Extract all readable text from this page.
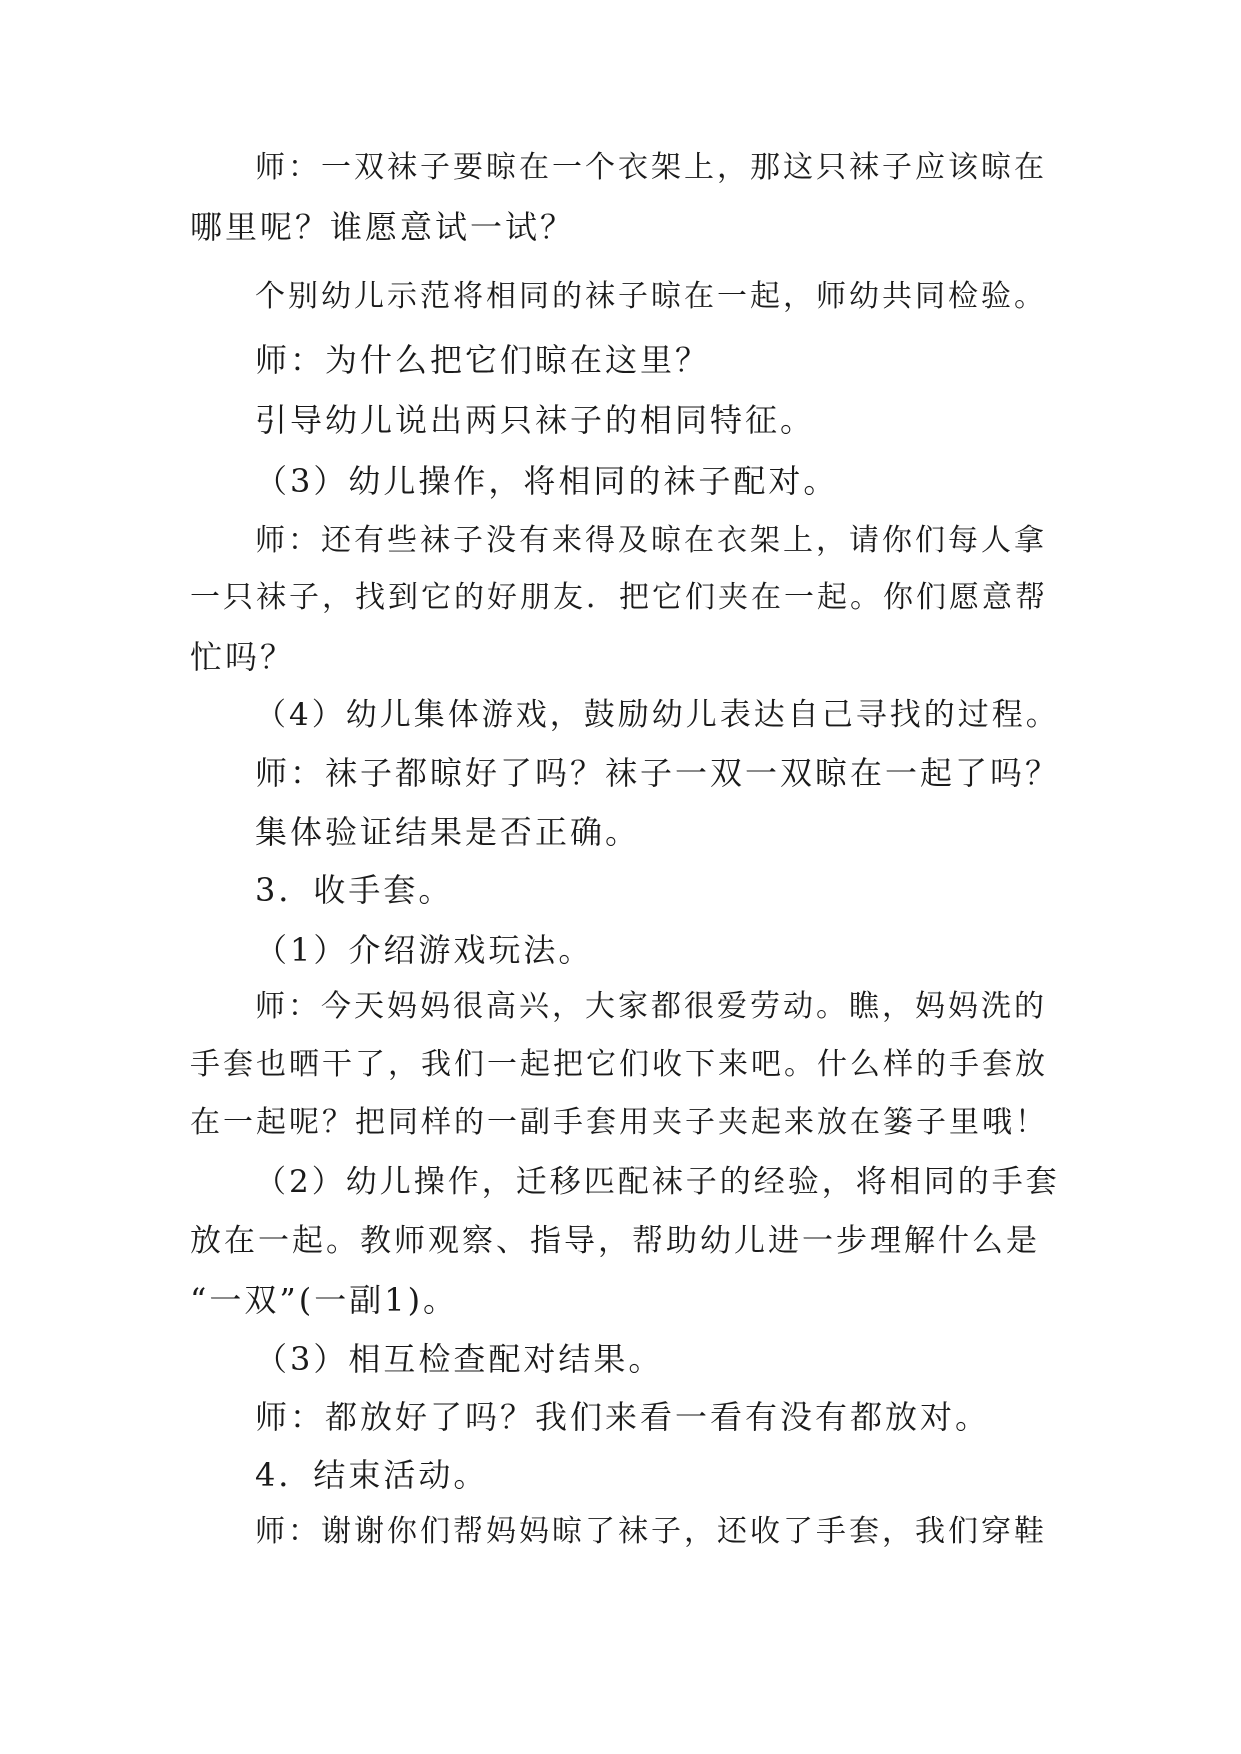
师：一双袜子要晾在一个衣架上，那这只袜子应该晾在
哪里呢？谁愿意试一试？
个别幼儿示范将相同的袜子晾在一起，师幼共同检验。
师：为什么把它们晾在这里？
引导幼儿说出两只袜子的相同特征。
（3）幼儿操作，将相同的袜子配对。
师：还有些袜子没有来得及晾在衣架上，请你们每人拿
一只袜子，找到它的好朋友．把它们夹在一起。你们愿意帮
忙吗？
（4）幼儿集体游戏，鼓励幼儿表达自己寻找的过程。
师：袜子都晾好了吗？袜子一双一双晾在一起了吗？
集体验证结果是否正确。
3．收手套。
（1）介绍游戏玩法。
师：今天妈妈很高兴，大家都很爱劳动。瞧，妈妈洗的
手套也晒干了，我们一起把它们收下来吧。什么样的手套放
在一起呢？把同样的一副手套用夹子夹起来放在篓子里哦！
（2）幼儿操作，迁移匹配袜子的经验，将相同的手套
放在一起。教师观察、指导，帮助幼儿进一步理解什么是
“一双”(一副1)。
（3）相互检查配对结果。
师：都放好了吗？我们来看一看有没有都放对。
4．结束活动。
师：谢谢你们帮妈妈晾了袜子，还收了手套，我们穿鞋
